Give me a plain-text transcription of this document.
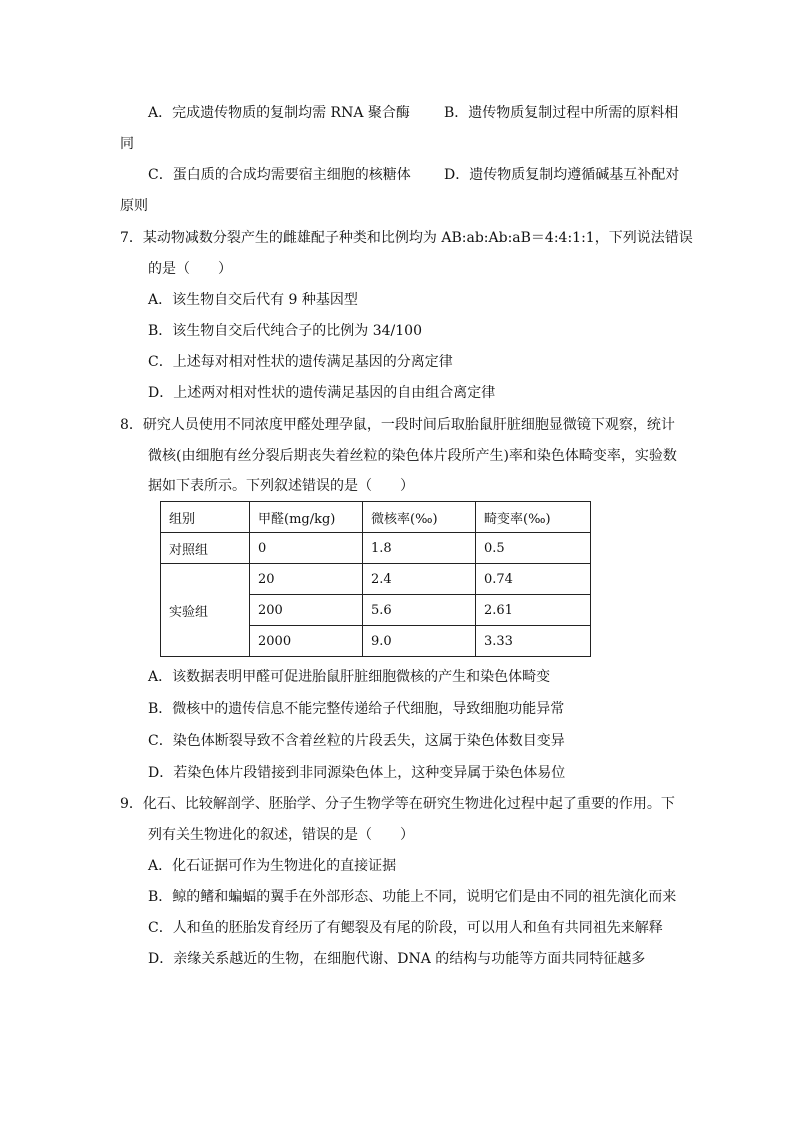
A．完成遗传物质的复制均需 RNA 聚合酶 B．遗传物质复制过程中所需的原料相
同
C．蛋白质的合成均需要宿主细胞的核糖体 D．遗传物质复制均遵循碱基互补配对
原则
7．某动物减数分裂产生的雌雄配子种类和比例均为 AB:ab:Ab:aB＝4:4:1:1，下列说法错误
的是（　　）
A．该生物自交后代有 9 种基因型
B．该生物自交后代纯合子的比例为 34/100
C．上述每对相对性状的遗传满足基因的分离定律
D．上述两对相对性状的遗传满足基因的自由组合离定律
8．研究人员使用不同浓度甲醛处理孕鼠，一段时间后取胎鼠肝脏细胞显微镜下观察，统计
微核(由细胞有丝分裂后期丧失着丝粒的染色体片段所产生)率和染色体畸变率，实验数
据如下表所示。下列叙述错误的是（　　）
组别	甲醛(mg/kg)	微核率(‰)	畸变率(‰)
对照组	0	1.8	0.5
实验组	20	2.4	0.74
	200	5.6	2.61
	2000	9.0	3.33
A．该数据表明甲醛可促进胎鼠肝脏细胞微核的产生和染色体畸变
B．微核中的遗传信息不能完整传递给子代细胞，导致细胞功能异常
C．染色体断裂导致不含着丝粒的片段丢失，这属于染色体数目变异
D．若染色体片段错接到非同源染色体上，这种变异属于染色体易位
9．化石、比较解剖学、胚胎学、分子生物学等在研究生物进化过程中起了重要的作用。下
列有关生物进化的叙述，错误的是（　　）
A．化石证据可作为生物进化的直接证据
B．鲸的鳍和蝙蝠的翼手在外部形态、功能上不同，说明它们是由不同的祖先演化而来
C．人和鱼的胚胎发育经历了有鳃裂及有尾的阶段，可以用人和鱼有共同祖先来解释
D．亲缘关系越近的生物，在细胞代谢、DNA 的结构与功能等方面共同特征越多
